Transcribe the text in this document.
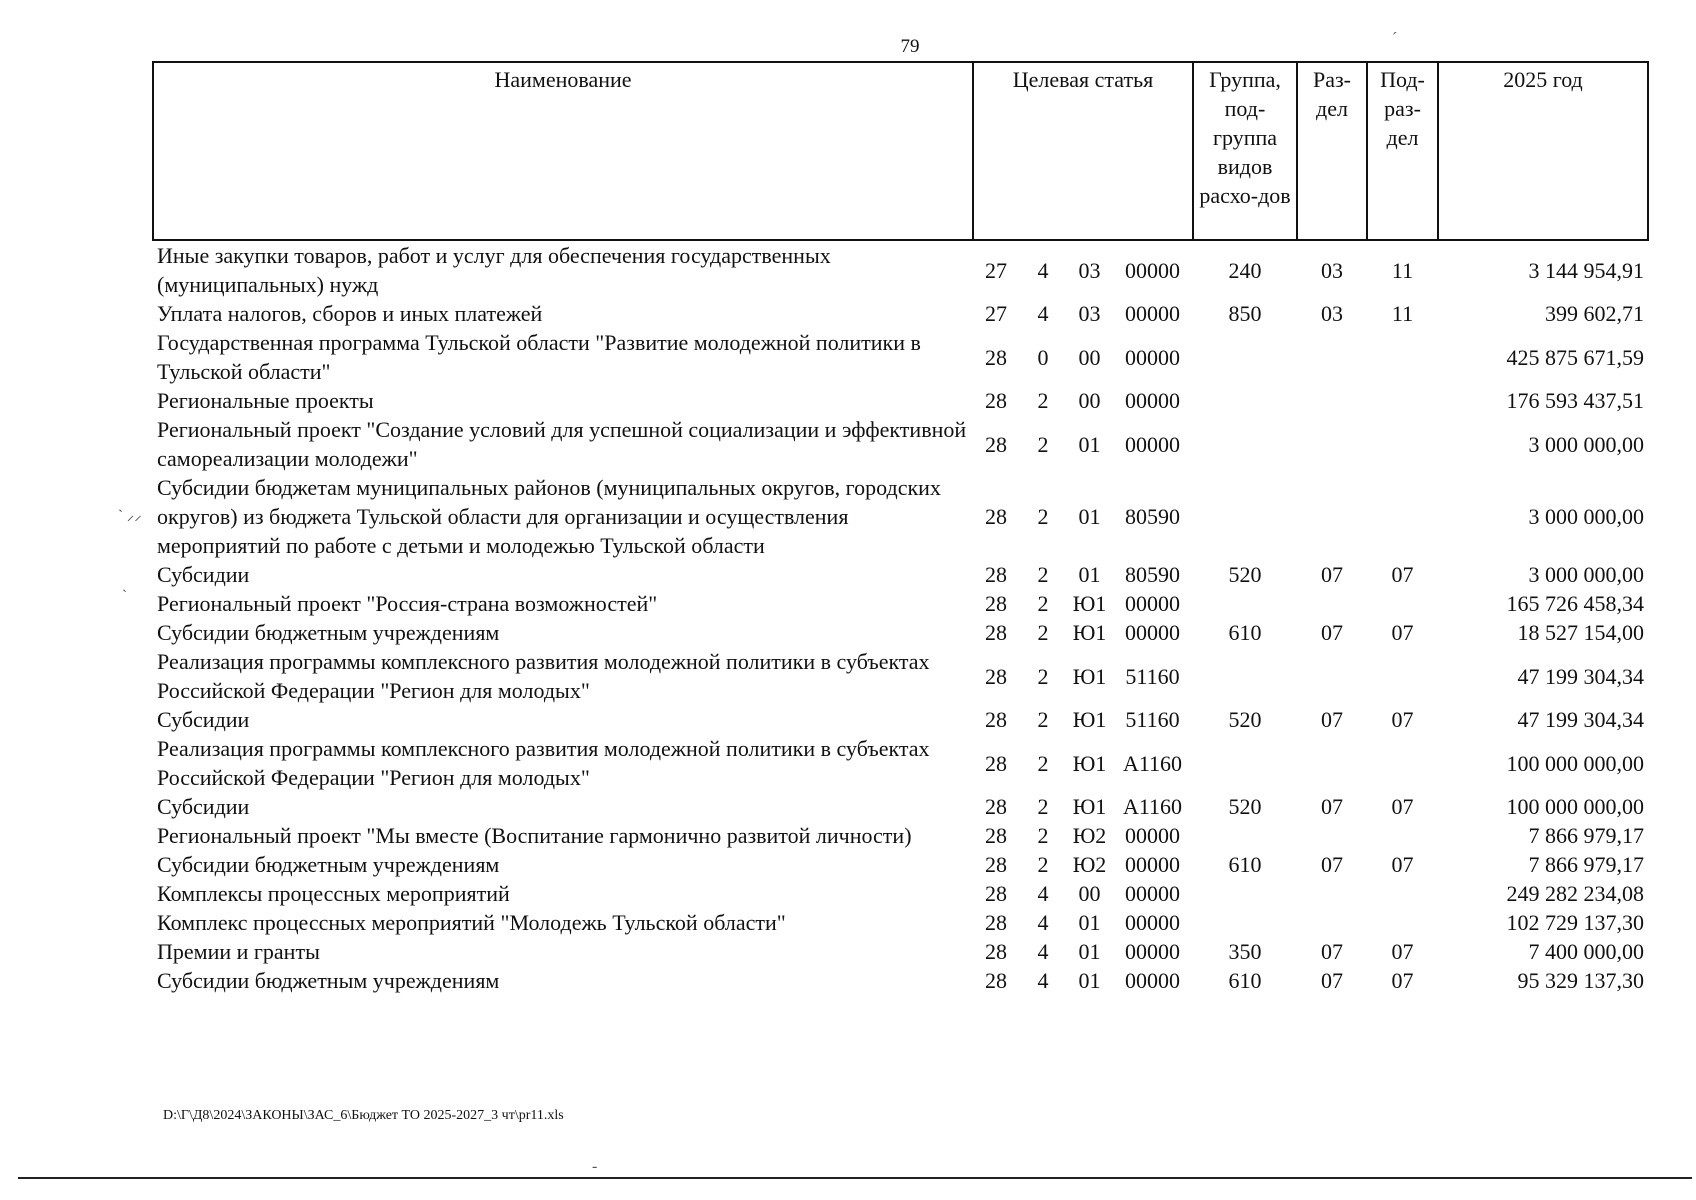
79	´
Наименование	Целевая статья				Группа, под-группа видов расхо-дов	Раз-дел	Под-раз-дел	2025 год
Иные закупки товаров, работ и услуг для обеспечения государственных (муниципальных) нужд	27	4	03	00000	240	03	11	3 144 954,91
Уплата налогов, сборов и иных платежей	27	4	03	00000	850	03	11	399 602,71
Государственная программа Тульской области "Развитие молодежной политики в Тульской области"	28	0	00	00000				425 875 671,59
Региональные проекты	28	2	00	00000				176 593 437,51
Региональный проект "Создание условий для успешной социализации и эффективной самореализации молодежи"	28	2	01	00000				3 000 000,00
Субсидии бюджетам муниципальных районов (муниципальных округов, городских округов) из бюджета Тульской области для организации и осуществления мероприятий по работе с детьми и молодежью Тульской области	28	2	01	80590				3 000 000,00
Субсидии	28	2	01	80590	520	07	07	3 000 000,00
Региональный проект "Россия-страна возможностей"	28	2	Ю1	00000				165 726 458,34
Субсидии бюджетным учреждениям	28	2	Ю1	00000	610	07	07	18 527 154,00
Реализация программы комплексного развития молодежной политики в субъектах Российской Федерации "Регион для молодых"	28	2	Ю1	51160				47 199 304,34
Субсидии	28	2	Ю1	51160	520	07	07	47 199 304,34
Реализация программы комплексного развития молодежной политики в субъектах Российской Федерации "Регион для молодых"	28	2	Ю1	А1160				100 000 000,00
Субсидии	28	2	Ю1	А1160	520	07	07	100 000 000,00
Региональный проект "Мы вместе (Воспитание гармонично развитой личности)	28	2	Ю2	00000				7 866 979,17
Субсидии бюджетным учреждениям	28	2	Ю2	00000	610	07	07	7 866 979,17
Комплексы процессных мероприятий	28	4	00	00000				249 282 234,08
Комплекс процессных мероприятий "Молодежь Тульской области"	28	4	01	00000				102 729 137,30
Премии и гранты	28	4	01	00000	350	07	07	7 400 000,00
Субсидии бюджетным учреждениям	28	4	01	00000	610	07	07	95 329 137,30
ˋ ⸝⸝
ˏ
D:\Г\Д8\2024\ЗАКОНЫ\ЗАС_6\Бюджет ТО 2025-2027_3 чт\pr11.xls
-
